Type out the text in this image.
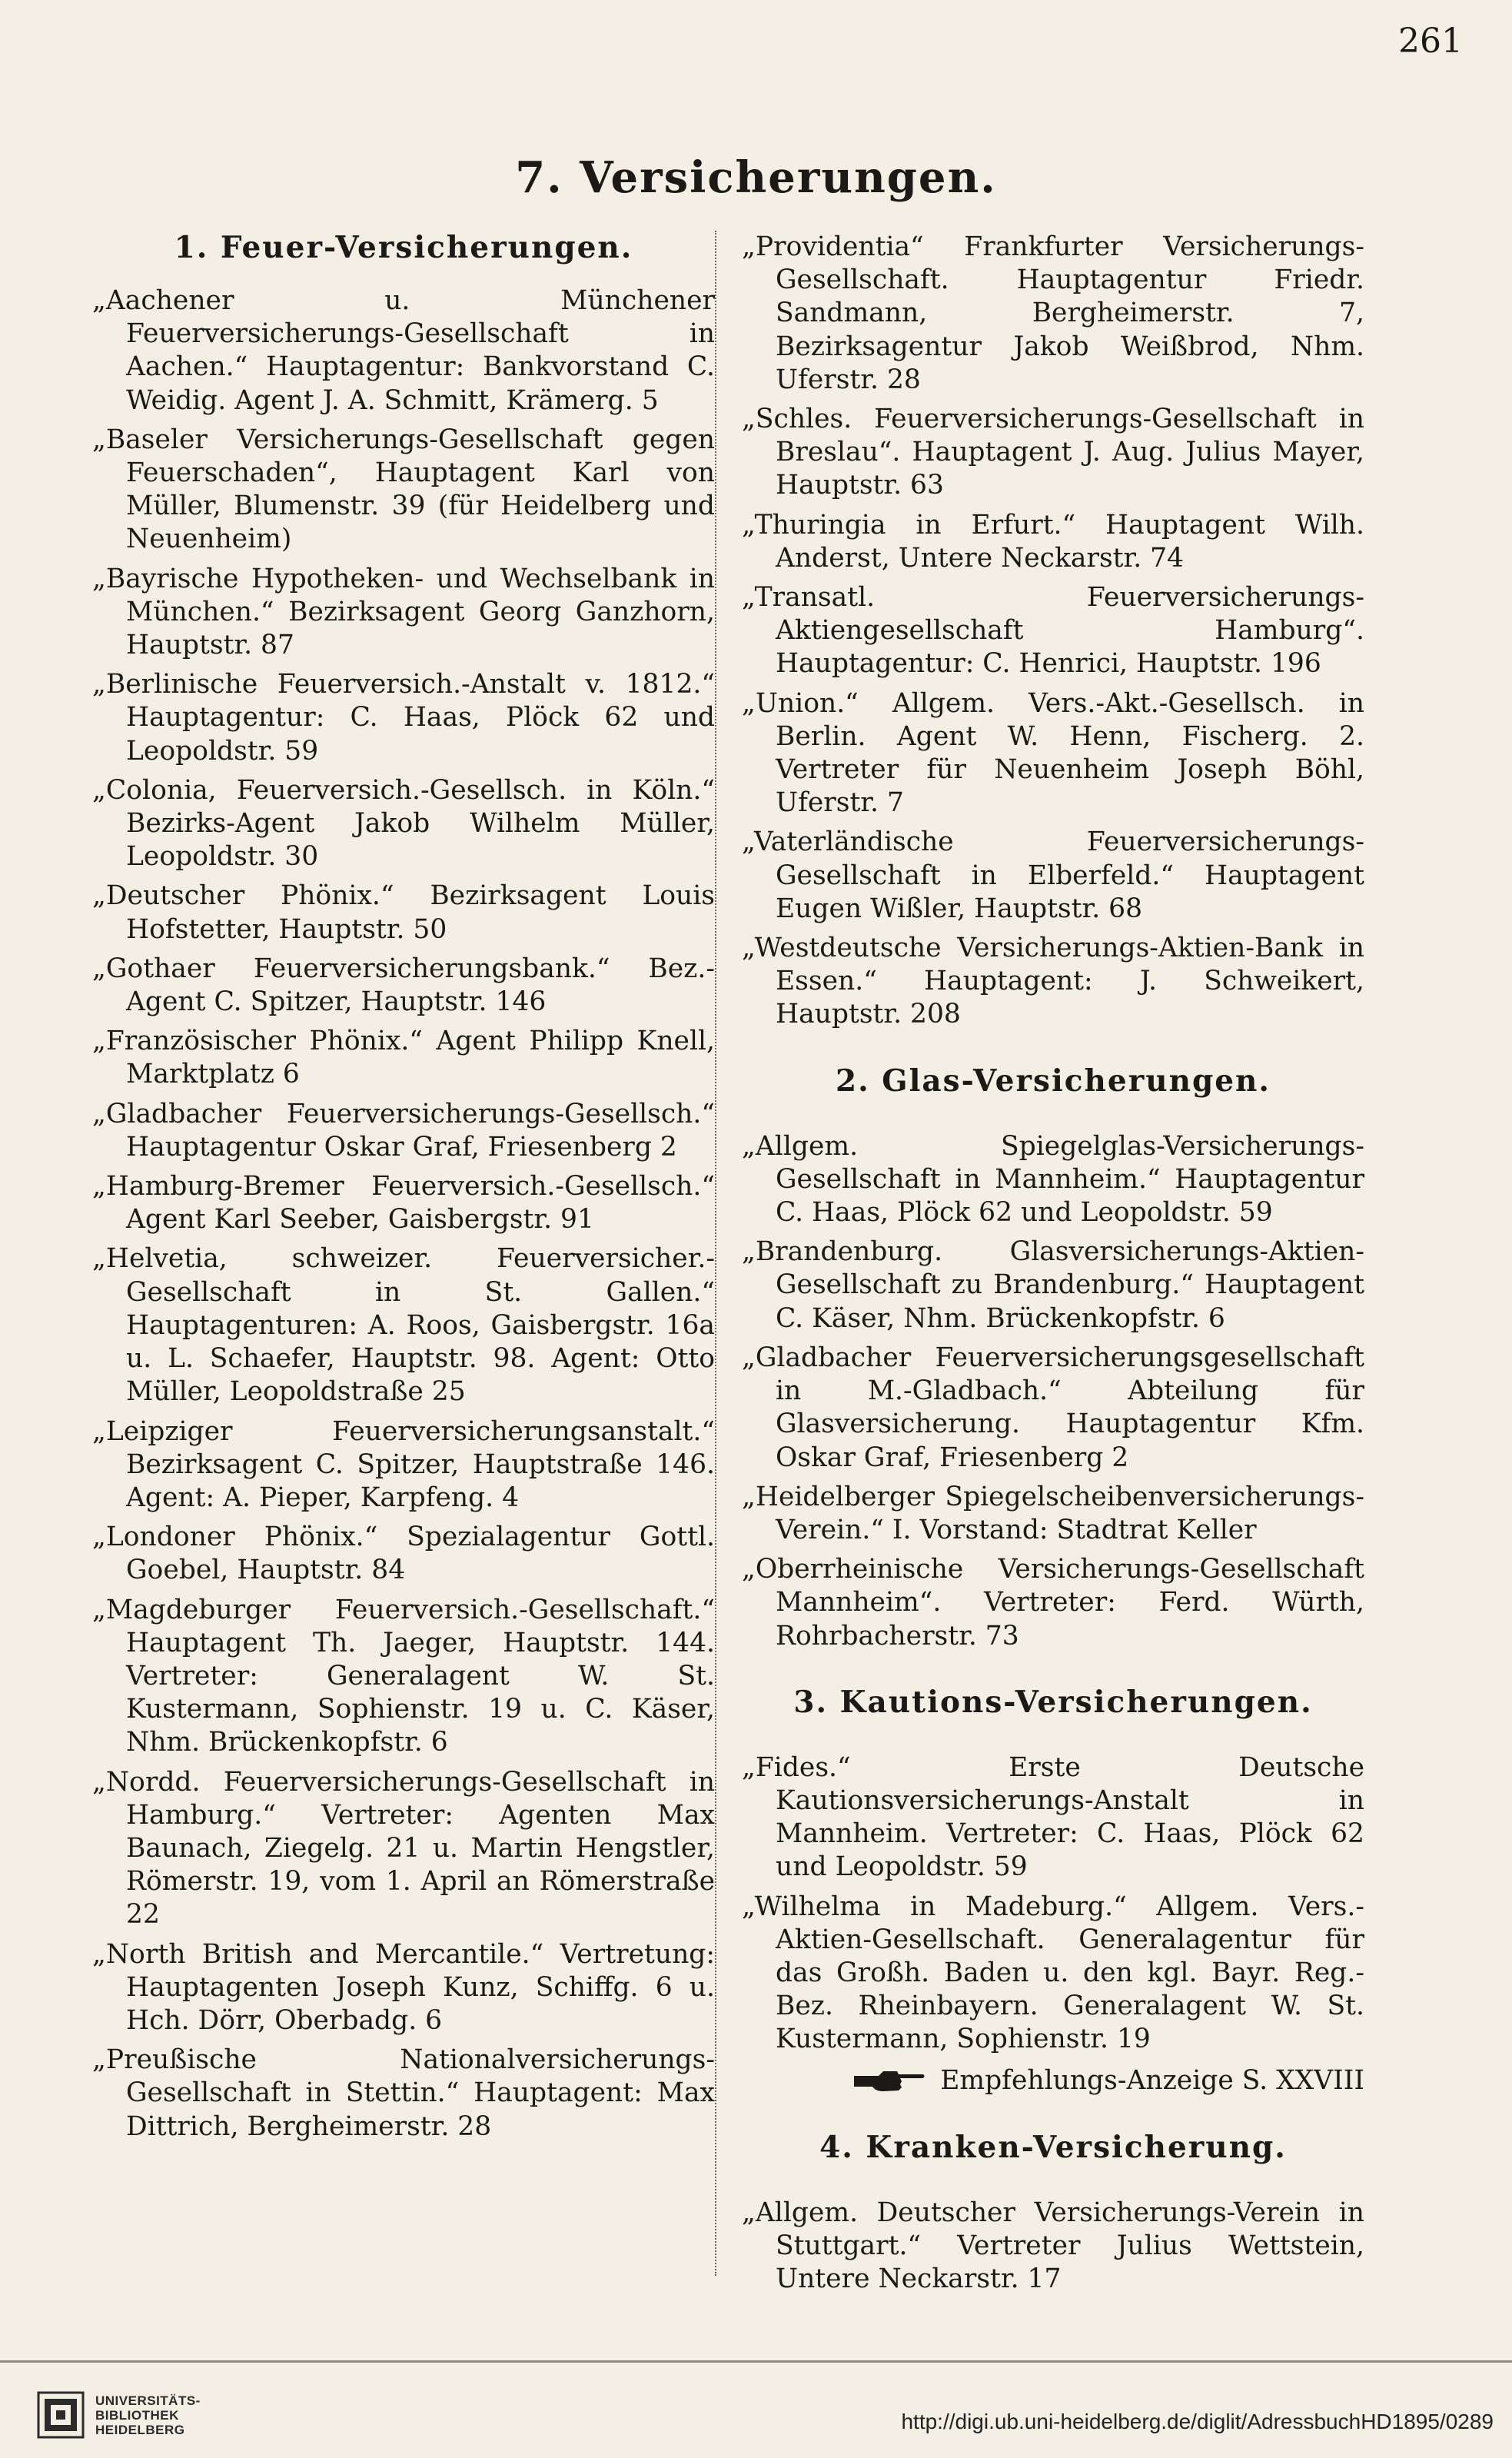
261
7. Versicherungen.
1. Feuer-Versicherungen.

„Aachener u. Münchener Feuerversicherungs-Gesellschaft in Aachen.“ Hauptagentur: Bankvorstand C. Weidig. Agent J. A. Schmitt, Krämerg. 5

„Baseler Versicherungs-Gesellschaft gegen Feuerschaden“, Hauptagent Karl von Müller, Blumenstr. 39 (für Heidelberg und Neuenheim)

„Bayrische Hypotheken- und Wechselbank in München.“ Bezirksagent Georg Ganzhorn, Hauptstr. 87

„Berlinische Feuerversich.-Anstalt v. 1812.“ Hauptagentur: C. Haas, Plöck 62 und Leopoldstr. 59

„Colonia, Feuerversich.-Gesellsch. in Köln.“ Bezirks-Agent Jakob Wilhelm Müller, Leopoldstr. 30

„Deutscher Phönix.“ Bezirksagent Louis Hofstetter, Hauptstr. 50

„Gothaer Feuerversicherungsbank.“ Bez.-Agent C. Spitzer, Hauptstr. 146

„Französischer Phönix.“ Agent Philipp Knell, Marktplatz 6

„Gladbacher Feuerversicherungs-Gesellsch.“ Hauptagentur Oskar Graf, Friesenberg 2

„Hamburg-Bremer Feuerversich.-Gesellsch.“ Agent Karl Seeber, Gaisbergstr. 91

„Helvetia, schweizer. Feuerversicher.-Gesellschaft in St. Gallen.“ Hauptagenturen: A. Roos, Gaisbergstr. 16a u. L. Schaefer, Hauptstr. 98. Agent: Otto Müller, Leopoldstraße 25

„Leipziger Feuerversicherungsanstalt.“ Bezirksagent C. Spitzer, Hauptstraße 146. Agent: A. Pieper, Karpfeng. 4

„Londoner Phönix.“ Spezialagentur Gottl. Goebel, Hauptstr. 84

„Magdeburger Feuerversich.-Gesellschaft.“ Hauptagent Th. Jaeger, Hauptstr. 144. Vertreter: Generalagent W. St. Kustermann, Sophienstr. 19 u. C. Käser, Nhm. Brückenkopfstr. 6

„Nordd. Feuerversicherungs-Gesellschaft in Hamburg.“ Vertreter: Agenten Max Baunach, Ziegelg. 21 u. Martin Hengstler, Römerstr. 19, vom 1. April an Römerstraße 22

„North British and Mercantile.“ Vertretung: Hauptagenten Joseph Kunz, Schiffg. 6 u. Hch. Dörr, Oberbadg. 6

„Preußische Nationalversicherungs-Gesellschaft in Stettin.“ Hauptagent: Max Dittrich, Bergheimerstr. 28

„Providentia“ Frankfurter Versicherungs-Gesellschaft. Hauptagentur Friedr. Sandmann, Bergheimerstr. 7, Bezirksagentur Jakob Weißbrod, Nhm. Uferstr. 28

„Schles. Feuerversicherungs-Gesellschaft in Breslau“. Hauptagent J. Aug. Julius Mayer, Hauptstr. 63

„Thuringia in Erfurt.“ Hauptagent Wilh. Anderst, Untere Neckarstr. 74

„Transatl. Feuerversicherungs-Aktiengesellschaft Hamburg“. Hauptagentur: C. Henrici, Hauptstr. 196

„Union.“ Allgem. Vers.-Akt.-Gesellsch. in Berlin. Agent W. Henn, Fischerg. 2. Vertreter für Neuenheim Joseph Böhl, Uferstr. 7

„Vaterländische Feuerversicherungs-Gesellschaft in Elberfeld.“ Hauptagent Eugen Wißler, Hauptstr. 68

„Westdeutsche Versicherungs-Aktien-Bank in Essen.“ Hauptagent: J. Schweikert, Hauptstr. 208

2. Glas-Versicherungen.

„Allgem. Spiegelglas-Versicherungs-Gesellschaft in Mannheim.“ Hauptagentur C. Haas, Plöck 62 und Leopoldstr. 59

„Brandenburg. Glasversicherungs-Aktien-Gesellschaft zu Brandenburg.“ Hauptagent C. Käser, Nhm. Brückenkopfstr. 6

„Gladbacher Feuerversicherungsgesellschaft in M.-Gladbach.“ Abteilung für Glasversicherung. Hauptagentur Kfm. Oskar Graf, Friesenberg 2

„Heidelberger Spiegelscheibenversicherungs-Verein.“ I. Vorstand: Stadtrat Keller

„Oberrheinische Versicherungs-Gesellschaft Mannheim“. Vertreter: Ferd. Würth, Rohrbacherstr. 73

3. Kautions-Versicherungen.

„Fides.“ Erste Deutsche Kautionsversicherungs-Anstalt in Mannheim. Vertreter: C. Haas, Plöck 62 und Leopoldstr. 59

„Wilhelma in Madeburg.“ Allgem. Vers.-Aktien-Gesellschaft. Generalagentur für das Großh. Baden u. den kgl. Bayr. Reg.-Bez. Rheinbayern. Generalagent W. St. Kustermann, Sophienstr. 19

Empfehlungs-Anzeige S. XXVIII
4. Kranken-Versicherung.

„Allgem. Deutscher Versicherungs-Verein in Stuttgart.“ Vertreter Julius Wettstein, Untere Neckarstr. 17

UNIVERSITÄTS-
BIBLIOTHEK
HEIDELBERG	http://digi.ub.uni-heidelberg.de/diglit/AdressbuchHD1895/0289
